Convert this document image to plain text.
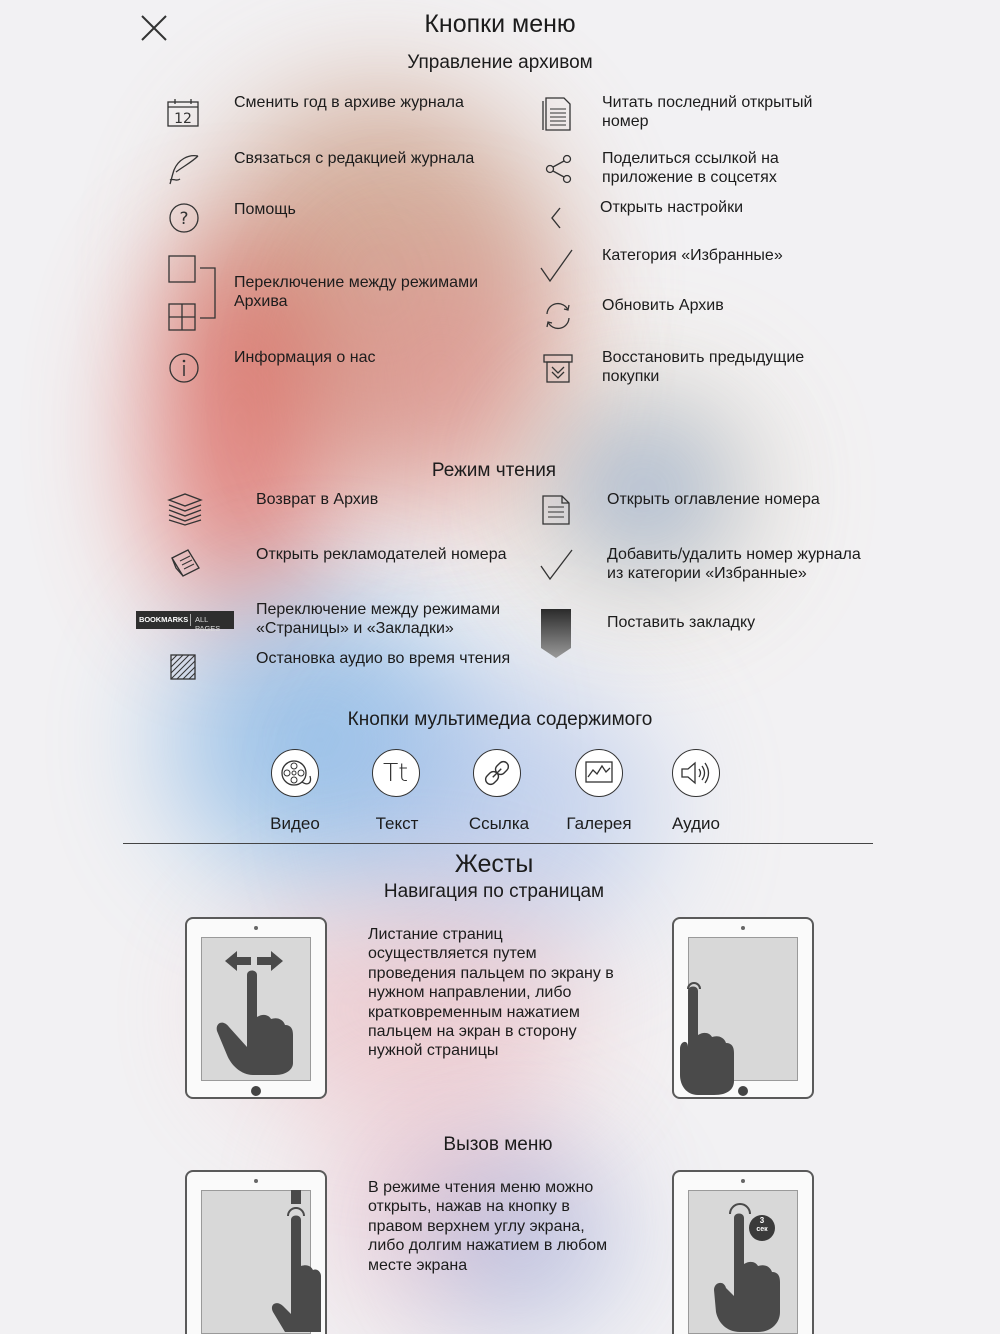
Кнопки меню
Управление архивом
12
?
Сменить год в архиве журнала
Связаться с редакцией журнала
Помощь
Переключение между режимами
Архива
Информация о нас
Читать последний открытый
номер
Поделиться ссылкой на
приложение в соцсетях
Открыть настройки
Категория «Избранные»
Обновить Архив
Восстановить предыдущие
покупки
Режим чтения
BOOKMARKS ALL PAGES
Возврат в Архив
Открыть рекламодателей номера
Переключение между режимами
«Страницы» и «Закладки»
Остановка аудио во время чтения
Открыть оглавление номера
Добавить/удалить номер журнала
из категории «Избранные»
Поставить закладку
Кнопки мультимедиа содержимого
Tt
Видео	Текст	Ссылка	Галерея	Аудио
Жесты
Навигация по страницам
Листание страниц
осуществляется путем
проведения пальцем по экрану в
нужном направлении, либо
кратковременным нажатием
пальцем на экран в сторону
нужной страницы
Вызов меню
В режиме чтения меню можно
открыть, нажав на кнопку в
правом верхнем углу экрана,
либо долгим нажатием в любом
месте экрана
3
сек
